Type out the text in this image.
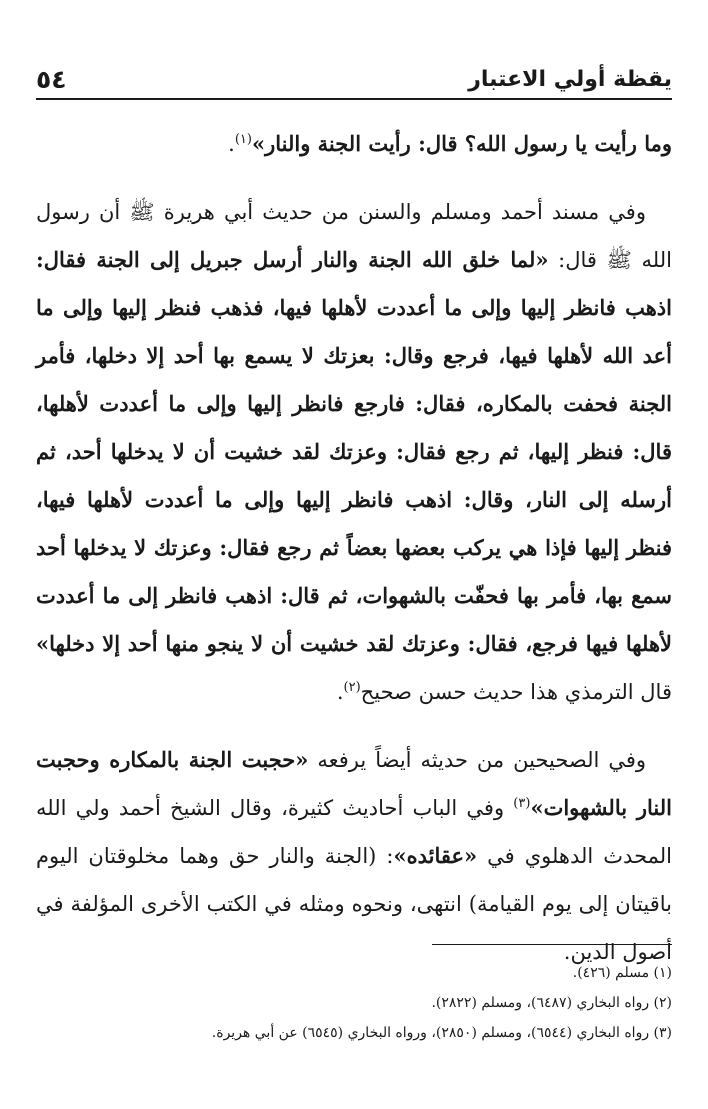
يقظة أولي الاعتبار
٥٤

وما رأيت يا رسول الله؟ قال: رأيت الجنة والنار»$^{(١)}$.

وفي مسند أحمد ومسلم والسنن من حديث أبي هريرة ﷺ أن رسول الله ﷺ قال: «لما خلق الله الجنة والنار أرسل جبريل إلى الجنة فقال: اذهب فانظر إليها وإلى ما أعددت لأهلها فيها، فذهب فنظر إليها وإلى ما أعد الله لأهلها فيها، فرجع وقال: بعزتك لا يسمع بها أحد إلا دخلها، فأمر الجنة فحفت بالمكاره، فقال: فارجع فانظر إليها وإلى ما أعددت لأهلها، قال: فنظر إليها، ثم رجع فقال: وعزتك لقد خشيت أن لا يدخلها أحد، ثم أرسله إلى النار، وقال: اذهب فانظر إليها وإلى ما أعددت لأهلها فيها، فنظر إليها فإذا هي يركب بعضها بعضاً ثم رجع فقال: وعزتك لا يدخلها أحد سمع بها، فأمر بها فحفّت بالشهوات، ثم قال: اذهب فانظر إلى ما أعددت لأهلها فيها فرجع، فقال: وعزتك لقد خشيت أن لا ينجو منها أحد إلا دخلها» قال الترمذي هذا حديث حسن صحيح$^{(٢)}$.

وفي الصحيحين من حديثه أيضاً يرفعه «حجبت الجنة بالمكاره وحجبت النار بالشهوات»$^{(٣)}$ وفي الباب أحاديث كثيرة، وقال الشيخ أحمد ولي الله المحدث الدهلوي في «عقائده»: (الجنة والنار حق وهما مخلوقتان اليوم باقيتان إلى يوم القيامة) انتهى، ونحوه ومثله في الكتب الأخرى المؤلفة في أصول الدين.

(١) مسلم (٤٢٦).
(٢) رواه البخاري (٦٤٨٧)، ومسلم (٢٨٢٢).
(٣) رواه البخاري (٦٥٤٤)، ومسلم (٢٨٥٠)، ورواه البخاري (٦٥٤٥) عن أبي هريرة.
